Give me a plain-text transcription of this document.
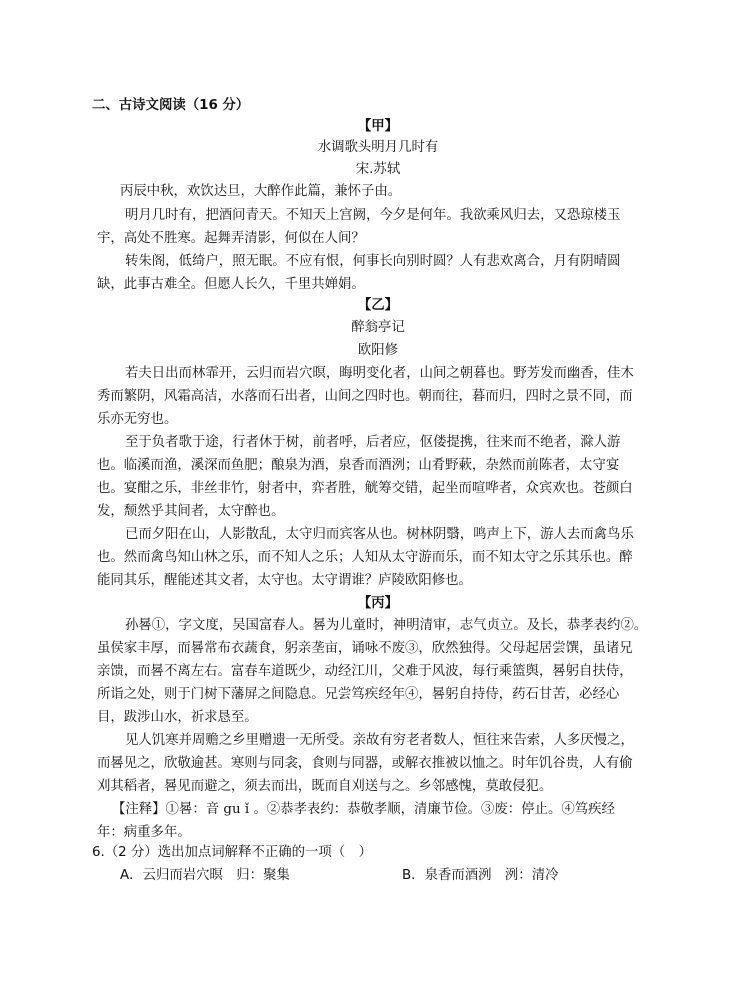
二、古诗文阅读（16 分）
【甲】
水调歌头明月几时有
宋.苏轼
丙辰中秋，欢饮达旦，大醉作此篇，兼怀子由。
明月几时有，把酒问青天。不知天上宫阙，今夕是何年。我欲乘风归去，又恐琼楼玉
宇，高处不胜寒。起舞弄清影，何似在人间？
转朱阁，低绮户，照无眠。不应有恨，何事长向别时圆？人有悲欢离合，月有阴晴圆
缺，此事古难全。但愿人长久，千里共婵娟。
【乙】
醉翁亭记
欧阳修
若夫日出而林霏开，云归而岩穴暝，晦明变化者，山间之朝暮也。野芳发而幽香，佳木
秀而繁阴，风霜高洁，水落而石出者，山间之四时也。朝而往，暮而归，四时之景不同，而
乐亦无穷也。
至于负者歌于途，行者休于树，前者呼，后者应，伛偻提携，往来而不绝者，滁人游
也。临溪而渔，溪深而鱼肥；酿泉为酒，泉香而酒洌；山肴野蔌，杂然而前陈者，太守宴
也。宴酣之乐，非丝非竹，射者中，弈者胜，觥筹交错，起坐而喧哗者，众宾欢也。苍颜白
发，颓然乎其间者，太守醉也。
已而夕阳在山，人影散乱，太守归而宾客从也。树林阴翳，鸣声上下，游人去而禽鸟乐
也。然而禽鸟知山林之乐，而不知人之乐；人知从太守游而乐，而不知太守之乐其乐也。醉
能同其乐，醒能述其文者，太守也。太守谓谁？庐陵欧阳修也。
【丙】
孙晷①，字文度，吴国富春人。晷为儿童时，神明清审，志气贞立。及长，恭孝表约②。
虽侯家丰厚，而晷常布衣蔬食，躬亲垄亩，诵咏不废③，欣然独得。父母起居尝馔，虽诸兄
亲馈，而晷不离左右。富春车道既少，动经江川，父难于风波，每行乘篮舆，晷躬自扶侍，
所诣之处，则于门树下藩屏之间隐息。兄尝笃疾经年④，晷躬自持侍，药石甘苦，必经心
目，跋涉山水，祈求恳至。
见人饥寒并周赡之乡里赠遗一无所受。亲故有穷老者数人，恒往来告索，人多厌慢之，
而晷见之，欣敬逾甚。寒则与同衾，食则与同器，或解衣推被以恤之。时年饥谷贵，人有偷
刈其稻者，晷见而避之，须去而出，既而自刈送与之。乡邻感愧，莫敢侵犯。
【注释】①晷：音 gu ǐ 。②恭孝表约：恭敬孝顺，清廉节俭。③废：停止。④笃疾经
年：病重多年。
6.（2 分）选出加点词解释不正确的一项（　）
A．云归而岩穴暝　归：聚集	B．泉香而酒洌　洌：清冷
